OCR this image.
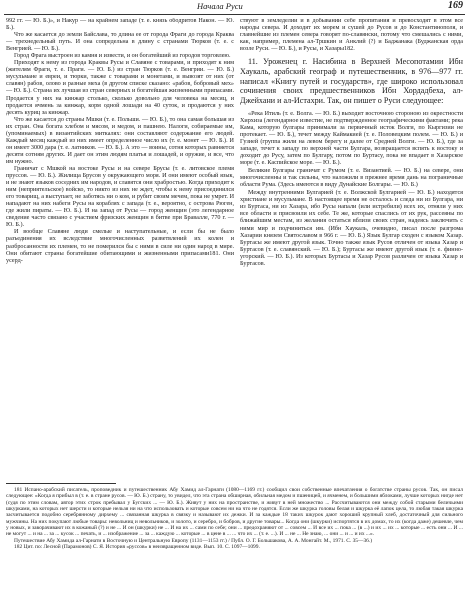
Начала Руси	169

992 гг. — Ю. Б.)», и Накур — на крайнем западе (т. е. князь ободритов Након. — Ю. Б.).

Что же касается до земли Байслава, то длина ее от города Фраги до города Краква — трехнедельный путь. И она сопредельна в длину с странами Тюрков (т. е. с Венгрией. — Ю. Б.).

Город Фрага выстроен из камня и извести, и он богатейший из городов торговлею.

Приходят к нему из города Краквы Русы и Славяне с товарами, и приходят к ним (жителям Фраги, т. е. Праги. — Ю. Б.) из стран Тюрков (т. е. Венгрии. — Ю. Б.) мусульмане и евреи, и тюрки, также с товарами и монетами, и вывозят от них (от славян) рабов, олово и разные меха (в другом списке сказано: «рабов, бобровый мех» — Ю. Б.). Страна их лучшая из стран северных и богатейшая жизненными припасами. Продается у них на кинжар столько, сколько довольно для человека на месяц, и продается ячмень за кинжар, корм одной лошади на 40 суток, и продаются у них десять куриц за кинжар.

Что же касается до страны Мшки (т. е. Польши. — Ю. Б.), то она самая большая из их стран. Она богата хлебом и мясом, и медом, и пашнею. Налоги, собираемые им, (упоминаемых) в византийских миткалях: они составляют содержание его людей. Каждый месяц каждый из них имеет определенное число их (т. е. монет — Ю. Б.). И он имеет 3000 дара (т. е. латников. — Ю. Б.). А это — воины, сотня которых равняется десяти сотням других. И дает он этим людям платья и лошадей, и оружие, и все, что им нужно.

Граничат с Мшкой на востоке Русы и на севере Брусы (т. е. литовское племя пруссов. — Ю. Б.). Жилища Брусов у окружающего моря. И они имеют особый язык, и не знают языков соседних им народов, и славятся они храбростью. Когда приходит к ним (неприятельское) войско, то никто из них не ждет, чтобы к нему присоединился его товарищ, а выступает, не заботясь ни о ком, и рубит своим мечем, пока не умрет. И нападают на них набеги Русы на кораблях с запада (т. е., вероятно, с острова Рюген, где жили пираты. — Ю. Б.). И на запад от Русы — город женщин (это легендарное сведение часто связано с участием фризских женщин в битве при Бравалле, 770 г. — Ю. Б.).

И вообще Славяне люди смелые и наступательные, и если бы не было разъединения их вследствие многочисленных разветвлений их колен и разбросанности их племен, то не померился бы с ними в силе ни один народ в мире. Они обитают страны богатейшие обитающими и жизненными припасами181. Они усерд-

ствуют в земледелии и в добывании себе пропитания и превосходят в этом все народы севера. И доходят их морем и сушей до Русов и до Константинополя, и главнейшие из племен севера говорят по-славянски, потому что смешались с ними, как, например, племена ал-Тршкин и Анклий (?) и Баджанака (Буджанская орда возле Руси. — Ю. Б.), и Русы, и Хазары182.

11. Уроженец г. Насибина в Верхней Месопотамии Ибн Хаукаль, арабский географ и путешественник, в 976—977 гг. написал «Книгу путей и государств», где широко использовал сочинения своих предшественников Ибн Хордадбеха, ал-Джейхани и ал-Истахри. Так, он пишет о Руси следующее:

«Река Итиль (т. е. Волга. — Ю. Б.) выходит восточною стороною из окрестности Хирхиза (легендарное известие, не подтвержденное географическими фактами; река Кама, которую булгары принимали за первичный исток Волги, по Кыргизии не протекает. — Ю. Б.), течет между Каймакией (т. е. Половецким полем. — Ю. Б.) и Гузией (группа жили на левом берегу и далее от Средней Волги. — Ю. Б.), где за западе, течет к западу по верхней части Булгара, возвращается вспять к востоку и доходит до Русу, затем по Булгару, потом по Буртасу, пока не впадает в Хазарское море (т. е. Каспийское море. — Ю. Б.).

Великие Булгары граничат с Румом (т. е. Византией. — Ю. Б.) на севере, они многочисленны и так сильны, что наложили в прежнее время дань на пограничные области Рума. (Здесь имеются в виду Дунайские Болгары. — Ю. Б.)

Между внутренними Булгарией (т. е. Волжской Булгарией — Ю. Б.) находятся христиане и мусульмане. В настоящее время не осталось и следа ни из Булгара, ни из Буртаса, ни из Хазара, ибо Русы напали (или истребили) всех их, отняли у них все области и присвоили их себе. Те же, которые спаслись от их рук, рассеяны по ближайшим местам, из желания остаться вблизи своих стран, надеясь заключить с ними мир и подчиниться им. (Ибн Хаукаль, очевидно, писал после разгрома Хазарии князем Святославом в 966 г. — Ю. Б.) Язык Булгар сходен с языком Хазар. Буртасы же имеют другой язык. Точно также язык Русов отличен от языка Хазар и Буртасов (т. е. славянский. — Ю. Б.); Буртасы же имеют другой язык (т. е. финно-угорский. — Ю. Б.). Из которых Буртасы и Хазар Русов различен от языка Хазар и Буртасов.

181 Испано-арабский писатель, проповедник и путешественник Абу Хамид ал-Гарнати (1080—1169 гг.) сообщил свои собственные впечатления о богатстве страны русов. Так, он писал следующее: «Когда я прибыл в (т. е. в стране русов. — Ю. Б.) страну, то увидел, что эта страна обширная, обильная медом и пшеницей, и ячменем, и большими яблоками, лучше которых нигде нет (судя по этим словам, автор этих строк пребывал у Бугских ... — Ю. Б.). Живут у них на пространстве, и живут в ней множество ... Рассчитываются они между собой старыми беличьими шкурками, на которых нет шерсти и которые нельзя ни на что использовать и которые совсем ни на что не годятся. Если же шкурка головы белая и шкурка её лапок цела, то любая такая шкурка засчитывается подобно серебрянному дирхему ... связанная шкурка в связку и называют их дежки. И за каждые 18 таких шкурок дают хороший крупный хлеб, достаточный для сильного мужчины. На них покупают любые товары: невольниц и невольников, и золото, и серебро, и бобров, и другие товары... Когда они (шкурки) испортятся в их домах, то их (когда даже) дешевле, чем у новых, и заворачивают их в кожаный (?) и не ... И он (шкурки) не ... И на их ... сами по себе; они ... предохраняют от ... совсем ... И все их ... пока ... (в ...) и их ... их ... которые ... есть они ... И ... не могут ... и на ... за ... кусок ... печать, и ... изображение ... за ... каждую ... которые ... в цене в ... ... что их ... (т. е. ...). И ... не ... Не знаю, ... они ... и ... и их ...».

Путешествие Абу Хамида ал-Гарнати в Восточную и Центральную Европу (1131—1153 гг.) / Публ. О. Г. Большакова, А. А. Монгайт. М., 1971. С. 35—36.)

182 Цит. по: Лесной (Парамонов) С. Я. История «руссов» в неизвращенном виде. Вып. 10. С. 1097—1099.
